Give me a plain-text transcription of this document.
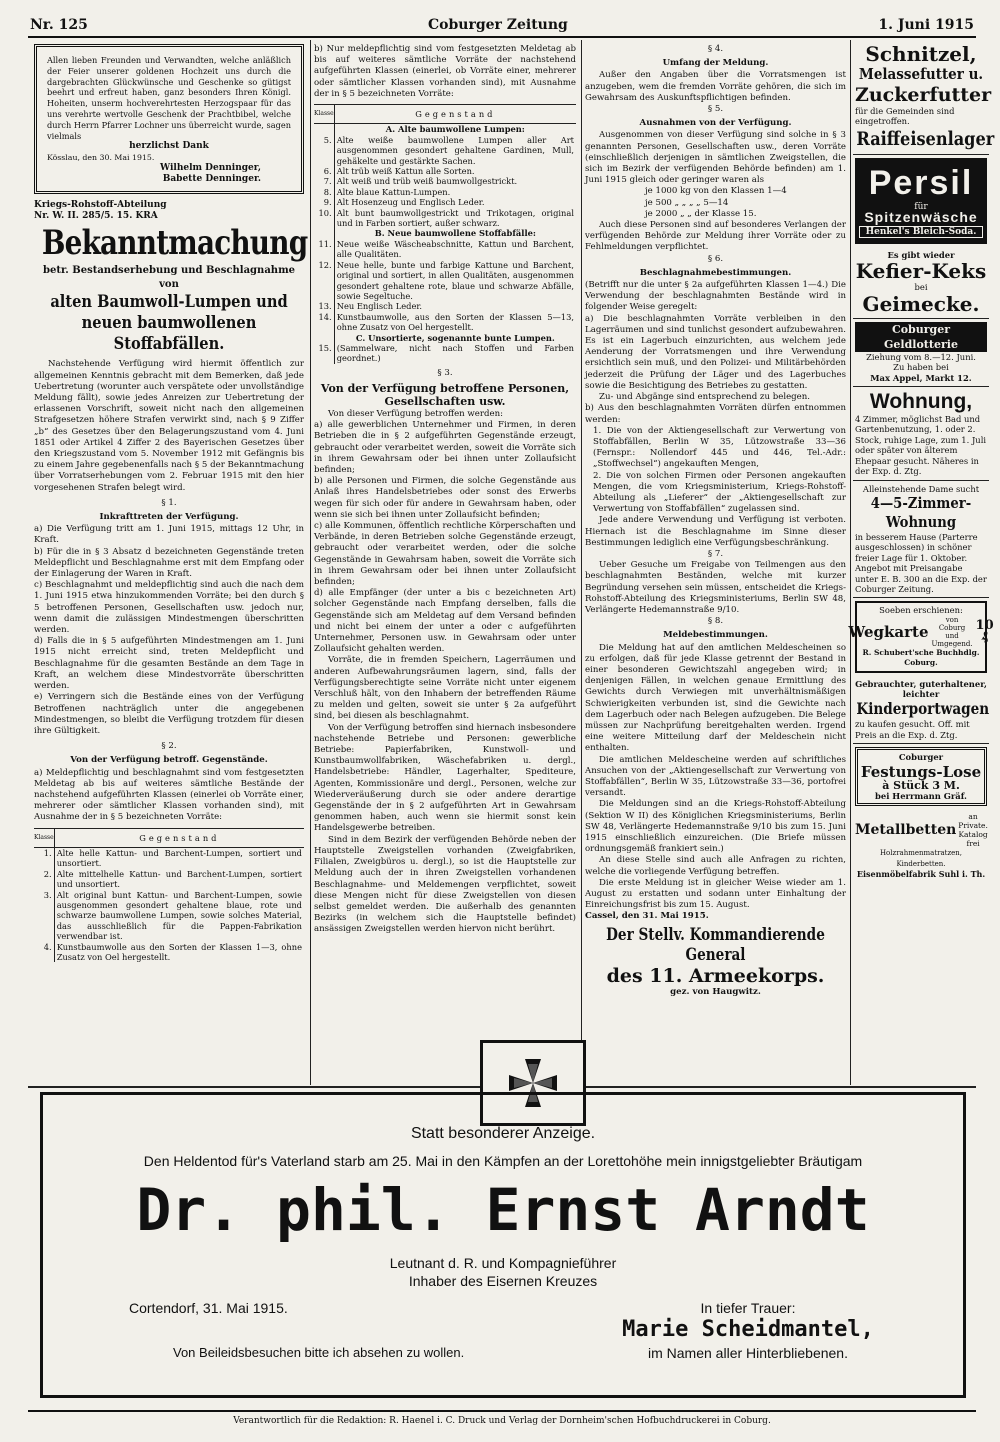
Nr. 125	Coburger Zeitung	1. Juni 1915
Allen lieben Freunden und Verwandten, welche anläßlich der Feier unserer goldenen Hochzeit uns durch die dargebrachten Glückwünsche und Geschenke so gütigst beehrt und erfreut haben, ganz besonders Ihren Königl. Hoheiten, unserm hochverehrtesten Herzogspaar für das uns verehrte wertvolle Geschenk der Prachtbibel, welche durch Herrn Pfarrer Lochner uns überreicht wurde, sagen vielmals
herzlichst Dank
Kösslau, den 30. Mai 1915.
Wilhelm Denninger,
Babette Denninger.
Kriegs-Rohstoff-Abteilung
Nr. W. II. 285/5. 15. KRA
Bekanntmachung
betr. Bestandserhebung und Beschlagnahme von
alten Baumwoll-Lumpen und neuen baumwollenen Stoffabfällen.
Nachstehende Verfügung wird hiermit öffentlich zur allgemeinen Kenntnis gebracht mit dem Bemerken, daß jede Uebertretung (worunter auch verspätete oder unvollständige Meldung fällt), sowie jedes Anreizen zur Uebertretung der erlassenen Vorschrift, soweit nicht nach den allgemeinen Strafgesetzen höhere Strafen verwirkt sind, nach § 9 Ziffer „b“ des Gesetzes über den Belagerungszustand vom 4. Juni 1851 oder Artikel 4 Ziffer 2 des Bayerischen Gesetzes über den Kriegszustand vom 5. November 1912 mit Gefängnis bis zu einem Jahre gegebenenfalls nach § 5 der Bekanntmachung über Vorratserhebungen vom 2. Februar 1915 mit den hier vorgesehenen Strafen belegt wird.
§ 1.
Inkrafttreten der Verfügung.
a) Die Verfügung tritt am 1. Juni 1915, mittags 12 Uhr, in Kraft.
b) Für die in § 3 Absatz d bezeichneten Gegenstände treten Meldepflicht und Beschlagnahme erst mit dem Empfang oder der Einlagerung der Waren in Kraft.
c) Beschlagnahmt und meldepflichtig sind auch die nach dem 1. Juni 1915 etwa hinzukommenden Vorräte; bei den durch § 5 betroffenen Personen, Gesellschaften usw. jedoch nur, wenn damit die zulässigen Mindestmengen überschritten werden.
d) Falls die in § 5 aufgeführten Mindestmengen am 1. Juni 1915 nicht erreicht sind, treten Meldepflicht und Beschlagnahme für die gesamten Bestände an dem Tage in Kraft, an welchem diese Mindestvorräte überschritten werden.
e) Verringern sich die Bestände eines von der Verfügung Betroffenen nachträglich unter die angegebenen Mindestmengen, so bleibt die Verfügung trotzdem für diesen ihre Gültigkeit.
§ 2.
Von der Verfügung betroff. Gegenstände.
a) Meldepflichtig und beschlagnahmt sind vom festgesetzten Meldetag ab bis auf weiteres sämtliche Bestände der nachstehend aufgeführten Klassen (einerlei ob Vorräte einer, mehrerer oder sämtlicher Klassen vorhanden sind), mit Ausnahme der in § 5 bezeichneten Vorräte:
Klasse	Gegenstand
1.	Alte helle Kattun- und Barchent-Lumpen, sortiert und unsortiert.
2.	Alte mittelhelle Kattun- und Barchent-Lumpen, sortiert und unsortiert.
3.	Alt original bunt Kattun- und Barchent-Lumpen, sowie ausgenommen gesondert gehaltene blaue, rote und schwarze baumwollene Lumpen, sowie solches Material, das ausschließlich für die Pappen-Fabrikation verwendbar ist.
4.	Kunstbaumwolle aus den Sorten der Klassen 1—3, ohne Zusatz von Oel hergestellt.
b) Nur meldepflichtig sind vom festgesetzten Meldetag ab bis auf weiteres sämtliche Vorräte der nachstehend aufgeführten Klassen (einerlei, ob Vorräte einer, mehrerer oder sämtlicher Klassen vorhanden sind), mit Ausnahme der in § 5 bezeichneten Vorräte:
Klasse	Gegenstand
	A. Alte baumwollene Lumpen:
5.	Alte weiße baumwollene Lumpen aller Art ausgenommen gesondert gehaltene Gardinen, Mull, gehäkelte und gestärkte Sachen.
6.	Alt trüb weiß Kattun alle Sorten.
7.	Alt weiß und trüb weiß baumwollgestrickt.
8.	Alte blaue Kattun-Lumpen.
9.	Alt Hosenzeug und Englisch Leder.
10.	Alt bunt baumwollgestrickt und Trikotagen, original und in Farben sortiert, außer schwarz.
	B. Neue baumwollene Stoffabfälle:
11.	Neue weiße Wäscheabschnitte, Kattun und Barchent, alle Qualitäten.
12.	Neue helle, bunte und farbige Kattune und Barchent, original und sortiert, in allen Qualitäten, ausgenommen gesondert gehaltene rote, blaue und schwarze Abfälle, sowie Segeltuche.
13.	Neu Englisch Leder.
14.	Kunstbaumwolle, aus den Sorten der Klassen 5—13, ohne Zusatz von Oel hergestellt.
	C. Unsortierte, sogenannte bunte Lumpen.
15.	(Sammelware, nicht nach Stoffen und Farben geordnet.)
§ 3.
Von der Verfügung betroffene Personen, Gesellschaften usw.
Von dieser Verfügung betroffen werden:
a) alle gewerblichen Unternehmer und Firmen, in deren Betrieben die in § 2 aufgeführten Gegenstände erzeugt, gebraucht oder verarbeitet werden, soweit die Vorräte sich in ihrem Gewahrsam oder bei ihnen unter Zollaufsicht befinden;
b) alle Personen und Firmen, die solche Gegenstände aus Anlaß ihres Handelsbetriebes oder sonst des Erwerbs wegen für sich oder für andere in Gewahrsam haben, oder wenn sie sich bei ihnen unter Zollaufsicht befinden;
c) alle Kommunen, öffentlich rechtliche Körperschaften und Verbände, in deren Betrieben solche Gegenstände erzeugt, gebraucht oder verarbeitet werden, oder die solche Gegenstände in Gewahrsam haben, soweit die Vorräte sich in ihrem Gewahrsam oder bei ihnen unter Zollaufsicht befinden;
d) alle Empfänger (der unter a bis c bezeichneten Art) solcher Gegenstände nach Empfang derselben, falls die Gegenstände sich am Meldetag auf dem Versand befinden und nicht bei einem der unter a oder c aufgeführten Unternehmer, Personen usw. in Gewahrsam oder unter Zollaufsicht gehalten werden.
Vorräte, die in fremden Speichern, Lagerräumen und anderen Aufbewahrungsräumen lagern, sind, falls der Verfügungsberechtigte seine Vorräte nicht unter eigenem Verschluß hält, von den Inhabern der betreffenden Räume zu melden und gelten, soweit sie unter § 2a aufgeführt sind, bei diesen als beschlagnahmt.
Von der Verfügung betroffen sind hiernach insbesondere nachstehende Betriebe und Personen: gewerbliche Betriebe: Papierfabriken, Kunstwoll- und Kunstbaumwollfabriken, Wäschefabriken u. dergl., Handelsbetriebe: Händler, Lagerhalter, Spediteure, Agenten, Kommissionäre und dergl., Personen, welche zur Wiederveräußerung durch sie oder andere derartige Gegenstände der in § 2 aufgeführten Art in Gewahrsam genommen haben, auch wenn sie hiermit sonst kein Handelsgewerbe betreiben.
Sind in dem Bezirk der verfügenden Behörde neben der Hauptstelle Zweigstellen vorhanden (Zweigfabriken, Filialen, Zweigbüros u. dergl.), so ist die Hauptstelle zur Meldung auch der in ihren Zweigstellen vorhandenen Beschlagnahme- und Meldemengen verpflichtet, soweit diese Mengen nicht für diese Zweigstellen von diesen selbst gemeldet werden. Die außerhalb des genannten Bezirks (in welchem sich die Hauptstelle befindet) ansässigen Zweigstellen werden hiervon nicht berührt.
§ 4.
Umfang der Meldung.
Außer den Angaben über die Vorratsmengen ist anzugeben, wem die fremden Vorräte gehören, die sich im Gewahrsam des Auskunftspflichtigen befinden.
§ 5.
Ausnahmen von der Verfügung.
Ausgenommen von dieser Verfügung sind solche in § 3 genannten Personen, Gesellschaften usw., deren Vorräte (einschließlich derjenigen in sämtlichen Zweigstellen, die sich im Bezirk der verfügenden Behörde befinden) am 1. Juni 1915 gleich oder geringer waren als
je 1000 kg von den Klassen 1—4
je 500 „ „ „ „ 5—14
je 2000 „ „ der Klasse 15.
Auch diese Personen sind auf besonderes Verlangen der verfügenden Behörde zur Meldung ihrer Vorräte oder zu Fehlmeldungen verpflichtet.
§ 6.
Beschlagnahmebestimmungen.
(Betrifft nur die unter § 2a aufgeführten Klassen 1—4.) Die Verwendung der beschlagnahmten Bestände wird in folgender Weise geregelt:
a) Die beschlagnahmten Vorräte verbleiben in den Lagerräumen und sind tunlichst gesondert aufzubewahren. Es ist ein Lagerbuch einzurichten, aus welchem jede Aenderung der Vorratsmengen und ihre Verwendung ersichtlich sein muß, und den Polizei- und Militärbehörden jederzeit die Prüfung der Läger und des Lagerbuches sowie die Besichtigung des Betriebes zu gestatten.
Zu- und Abgänge sind entsprechend zu belegen.
b) Aus den beschlagnahmten Vorräten dürfen entnommen werden:
1. Die von der Aktiengesellschaft zur Verwertung von Stoffabfällen, Berlin W 35, Lützowstraße 33—36 (Fernspr.: Nollendorf 445 und 446, Tel.-Adr.: „Stoffwechsel“) angekauften Mengen,
2. Die von solchen Firmen oder Personen angekauften Mengen, die vom Kriegsministerium, Kriegs-Rohstoff-Abteilung als „Lieferer“ der „Aktiengesellschaft zur Verwertung von Stoffabfällen“ zugelassen sind.
Jede andere Verwendung und Verfügung ist verboten. Hiernach ist die Beschlagnahme im Sinne dieser Bestimmungen lediglich eine Verfügungsbeschränkung.
§ 7.
Ueber Gesuche um Freigabe von Teilmengen aus den beschlagnahmten Beständen, welche mit kurzer Begründung versehen sein müssen, entscheidet die Kriegs-Rohstoff-Abteilung des Kriegsministeriums, Berlin SW 48, Verlängerte Hedemannstraße 9/10.
§ 8.
Meldebestimmungen.
Die Meldung hat auf den amtlichen Meldescheinen so zu erfolgen, daß für jede Klasse getrennt der Bestand in einer besonderen Gewichtszahl angegeben wird; in denjenigen Fällen, in welchen genaue Ermittlung des Gewichts durch Verwiegen mit unverhältnismäßigen Schwierigkeiten verbunden ist, sind die Gewichte nach dem Lagerbuch oder nach Belegen aufzugeben. Die Belege müssen zur Nachprüfung bereitgehalten werden. Irgend eine weitere Mitteilung darf der Meldeschein nicht enthalten.
Die amtlichen Meldescheine werden auf schriftliches Ansuchen von der „Aktiengesellschaft zur Verwertung von Stoffabfällen“, Berlin W 35, Lützowstraße 33—36, portofrei versandt.
Die Meldungen sind an die Kriegs-Rohstoff-Abteilung (Sektion W II) des Königlichen Kriegsministeriums, Berlin SW 48, Verlängerte Hedemannstraße 9/10 bis zum 15. Juni 1915 einschließlich einzureichen. (Die Briefe müssen ordnungsgemäß frankiert sein.)
An diese Stelle sind auch alle Anfragen zu richten, welche die vorliegende Verfügung betreffen.
Die erste Meldung ist in gleicher Weise wieder am 1. August zu erstatten und sodann unter Einhaltung der Einreichungsfrist bis zum 15. August.
Cassel, den 31. Mai 1915.
Der Stellv. Kommandierende General
des 11. Armeekorps.
gez. von Haugwitz.
Schnitzel,
Melassefutter u.
Zuckerfutter
für die Gemeinden sind eingetroffen.
Raiffeisenlager
Persil
für
Spitzenwäsche
Henkel's Bleich-Soda.
Es gibt wieder
Kefier-Keks
bei
Geimecke.
Coburger Geldlotterie
Ziehung vom 8.—12. Juni.
Zu haben bei
Max Appel, Markt 12.
Wohnung,
4 Zimmer, möglichst Bad und Gartenbenutzung, 1. oder 2. Stock, ruhige Lage, zum 1. Juli oder später von älterem Ehepaar gesucht. Näheres in der Exp. d. Ztg.
Alleinstehende Dame sucht
4—5-Zimmer-Wohnung
in besserem Hause (Parterre ausgeschlossen) in schöner freier Lage für 1. Oktober. Angebot mit Preisangabe unter E. B. 300 an die Exp. der Coburger Zeitung.
Soeben erschienen:
Wegkarte
von Coburg und Umgegend.
10 ₰
R. Schubert'sche Buchhdlg. Coburg.
Gebrauchter, guterhaltener, leichter
Kinderportwagen
zu kaufen gesucht. Off. mit Preis an die Exp. d. Ztg.
Coburger
Festungs-Lose
à Stück 3 M.
bei Herrmann Gräf.
Metallbetten
an Private. Katalog frei
Holzrahmenmatratzen, Kinderbetten.
Eisenmöbelfabrik Suhl i. Th.
Statt besonderer Anzeige.
Den Heldentod für's Vaterland starb am 25. Mai in den Kämpfen an der Lorettohöhe mein innigstgeliebter Bräutigam
Dr. phil. Ernst Arndt
Leutnant d. R. und Kompagnieführer
Inhaber des Eisernen Kreuzes
Cortendorf, 31. Mai 1915.	In tiefer Trauer:
Marie Scheidmantel,
im Namen aller Hinterbliebenen.
Von Beileidsbesuchen bitte ich absehen zu wollen.
Verantwortlich für die Redaktion: R. Haenel i. C. Druck und Verlag der Dornheim'schen Hofbuchdruckerei in Coburg.
